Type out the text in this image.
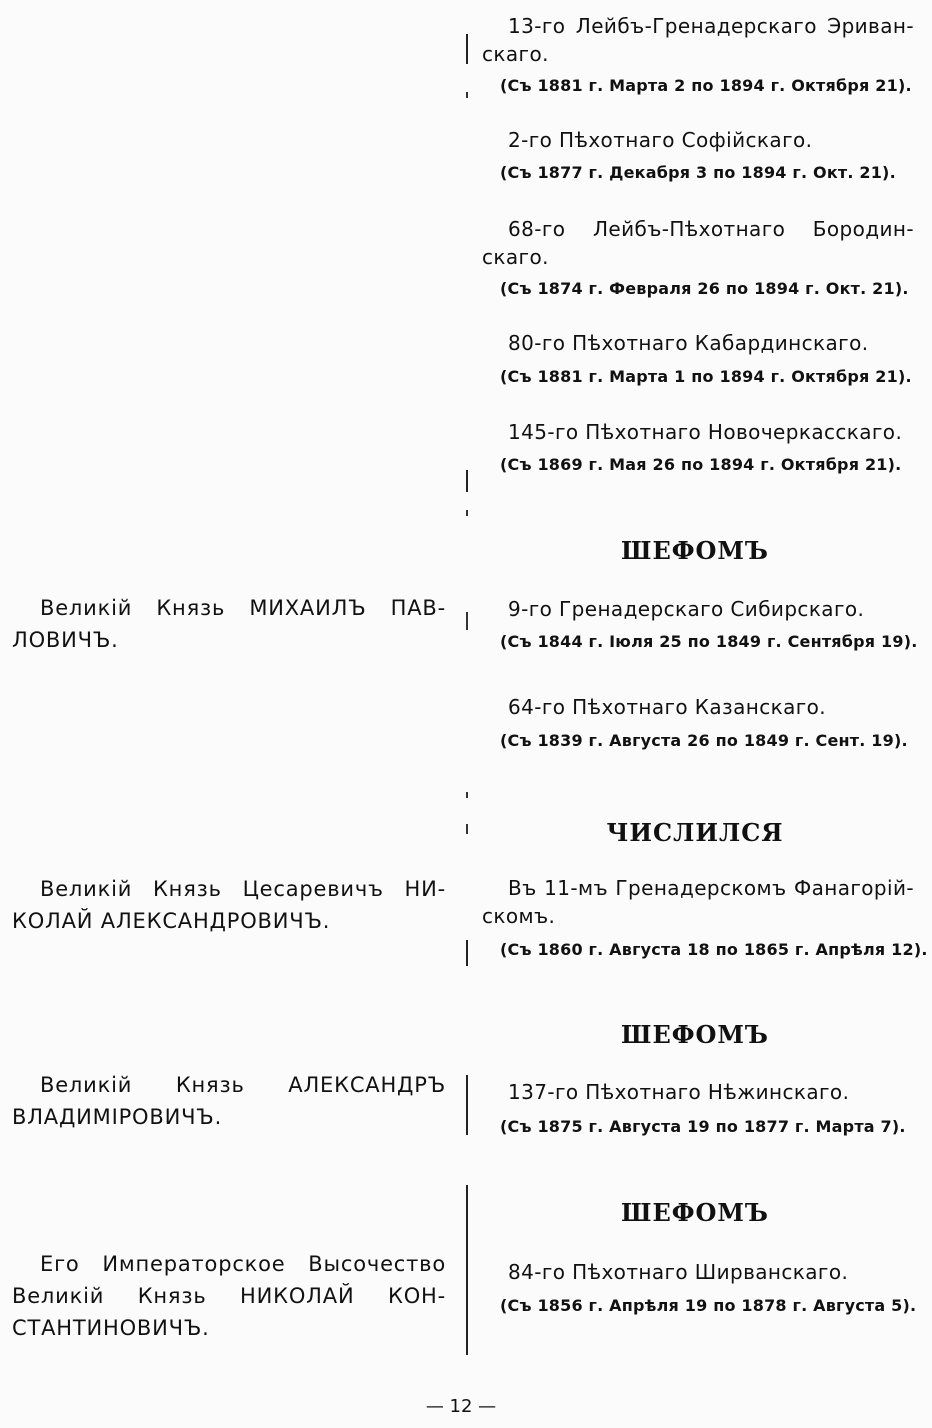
13-го Лейбъ-Гренадерскаго Эриван-
скаго.
(Съ 1881 г. Марта 2 по 1894 г. Октября 21).
2-го Пѣхотнаго Софійскаго.
(Съ 1877 г. Декабря 3 по 1894 г. Окт. 21).
68-го Лейбъ-Пѣхотнаго Бородин-
скаго.
(Съ 1874 г. Февраля 26 по 1894 г. Окт. 21).
80-го Пѣхотнаго Кабардинскаго.
(Съ 1881 г. Марта 1 по 1894 г. Октября 21).
145-го Пѣхотнаго Новочеркасскаго.
(Съ 1869 г. Мая 26 по 1894 г. Октября 21).
ШЕФОМЪ
Великій Князь МИХАИЛЪ ПАВ-
ЛОВИЧЪ.
9-го Гренадерскаго Сибирскаго.
(Съ 1844 г. Іюля 25 по 1849 г. Сентября 19).
64-го Пѣхотнаго Казанскаго.
(Съ 1839 г. Августа 26 по 1849 г. Сент. 19).
ЧИСЛИЛСЯ
Великій Князь Цесаревичъ НИ-
КОЛАЙ АЛЕКСАНДРОВИЧЪ.
Въ 11-мъ Гренадерскомъ Фанагорій-
скомъ.
(Съ 1860 г. Августа 18 по 1865 г. Апрѣля 12).
ШЕФОМЪ
Великій Князь АЛЕКСАНДРЪ
ВЛАДИМІРОВИЧЪ.
137-го Пѣхотнаго Нѣжинскаго.
(Съ 1875 г. Августа 19 по 1877 г. Марта 7).
ШЕФОМЪ
Его Императорское Высочество
Великій Князь НИКОЛАЙ КОН-
СТАНТИНОВИЧЪ.
84-го Пѣхотнаго Ширванскаго.
(Съ 1856 г. Апрѣля 19 по 1878 г. Августа 5).
— 12 —
